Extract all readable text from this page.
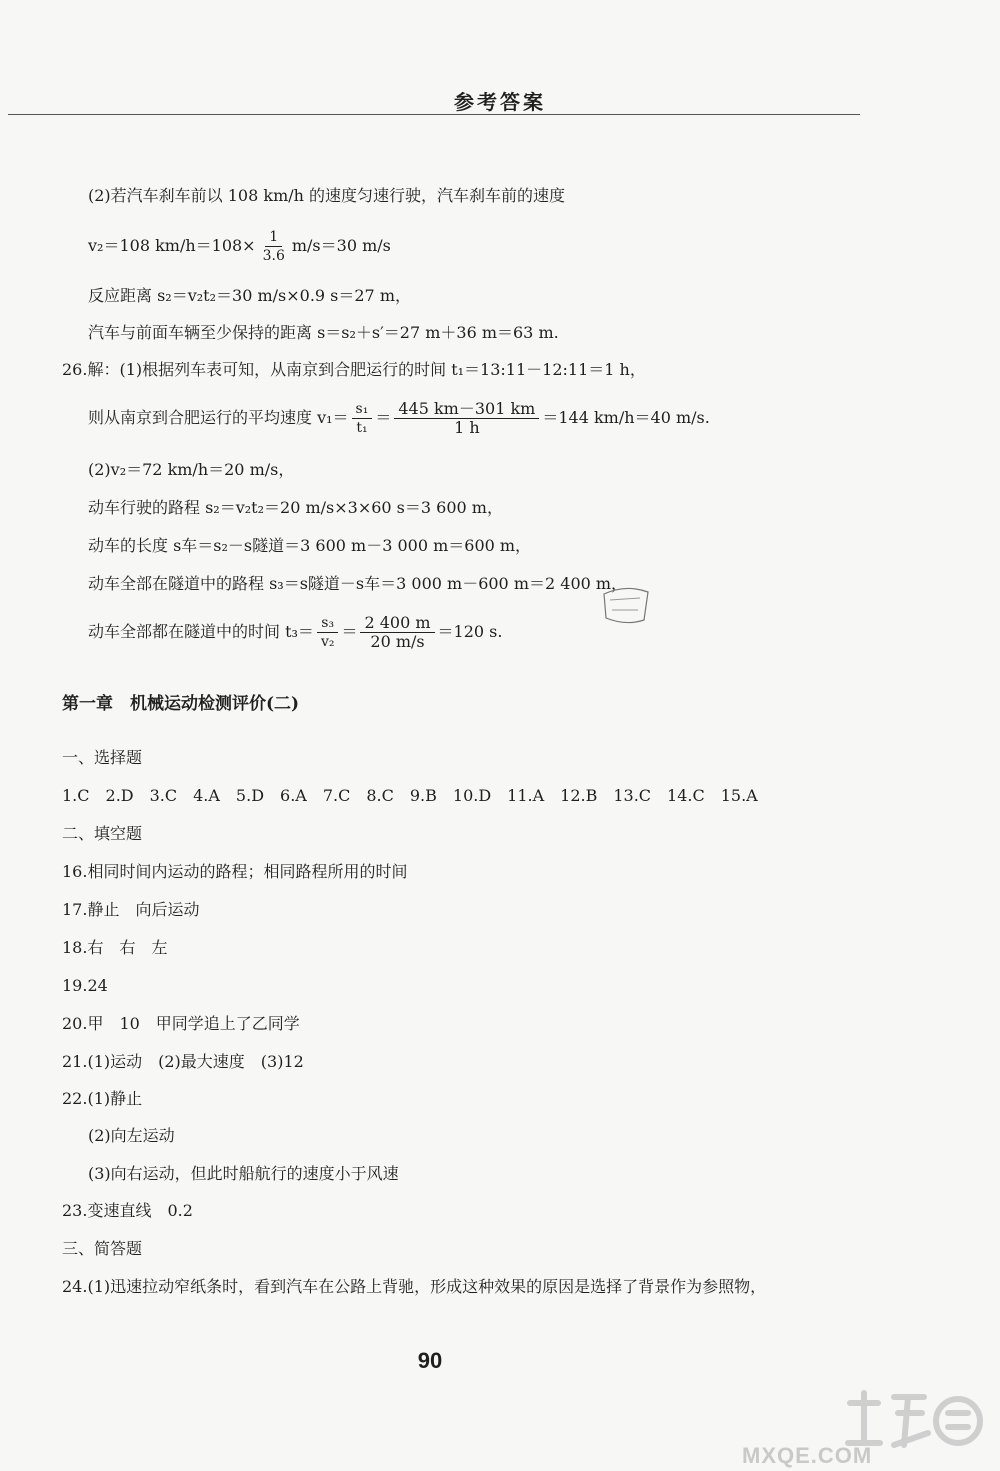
参考答案
(2)若汽车刹车前以 108 km/h 的速度匀速行驶，汽车刹车前的速度
v₂＝108 $km/h=108\times \frac{1}{3.6} m/s=30$ m/s
反应距离 s₂＝v₂t₂＝30 m/s×0.9 s＝27 m，
汽车与前面车辆至少保持的距离 s＝s₂＋s′＝27 m＋36 m＝63 m.
26.解：(1)根据列车表可知，从南京到合肥运行的时间 t₁＝13:11－12:11＝1 h，
则从南京到合肥运行的平均速度 $v_1= \frac{\text{s₁}}{\text{t₁}} = \frac{445 km-301 km}{1 h} =144$ km/h＝40 m/s.
(2)v₂＝72 km/h＝20 m/s，
动车行驶的路程 s₂＝v₂t₂＝20 m/s×3×60 s＝3 600 m，
动车的长度 s车＝s₂－s隧道＝3 600 m－3 000 m＝600 m，
动车全部在隧道中的路程 s₃＝s隧道－s车＝3 000 m－600 m＝2 400 m，
动车全部都在隧道中的时间 $t_3= \frac{\text{s₃}}{\text{v₂}} = \frac{2 400 m}{20 m/s} =120$ s.
第一章　机械运动检测评价(二)
一、选择题
1.C　2.D　3.C　4.A　5.D　6.A　7.C　8.C　9.B　10.D　11.A　12.B　13.C　14.C　15.A
二、填空题
16.相同时间内运动的路程；相同路程所用的时间
17.静止　向后运动
18.右　右　左
19.24
20.甲　10　甲同学追上了乙同学
21.(1)运动　(2)最大速度　(3)12
22.(1)静止
(2)向左运动
(3)向右运动，但此时船航行的速度小于风速
23.变速直线　0.2
三、简答题
24.(1)迅速拉动窄纸条时，看到汽车在公路上背驰，形成这种效果的原因是选择了背景作为参照物，
90
MXQE.COM
